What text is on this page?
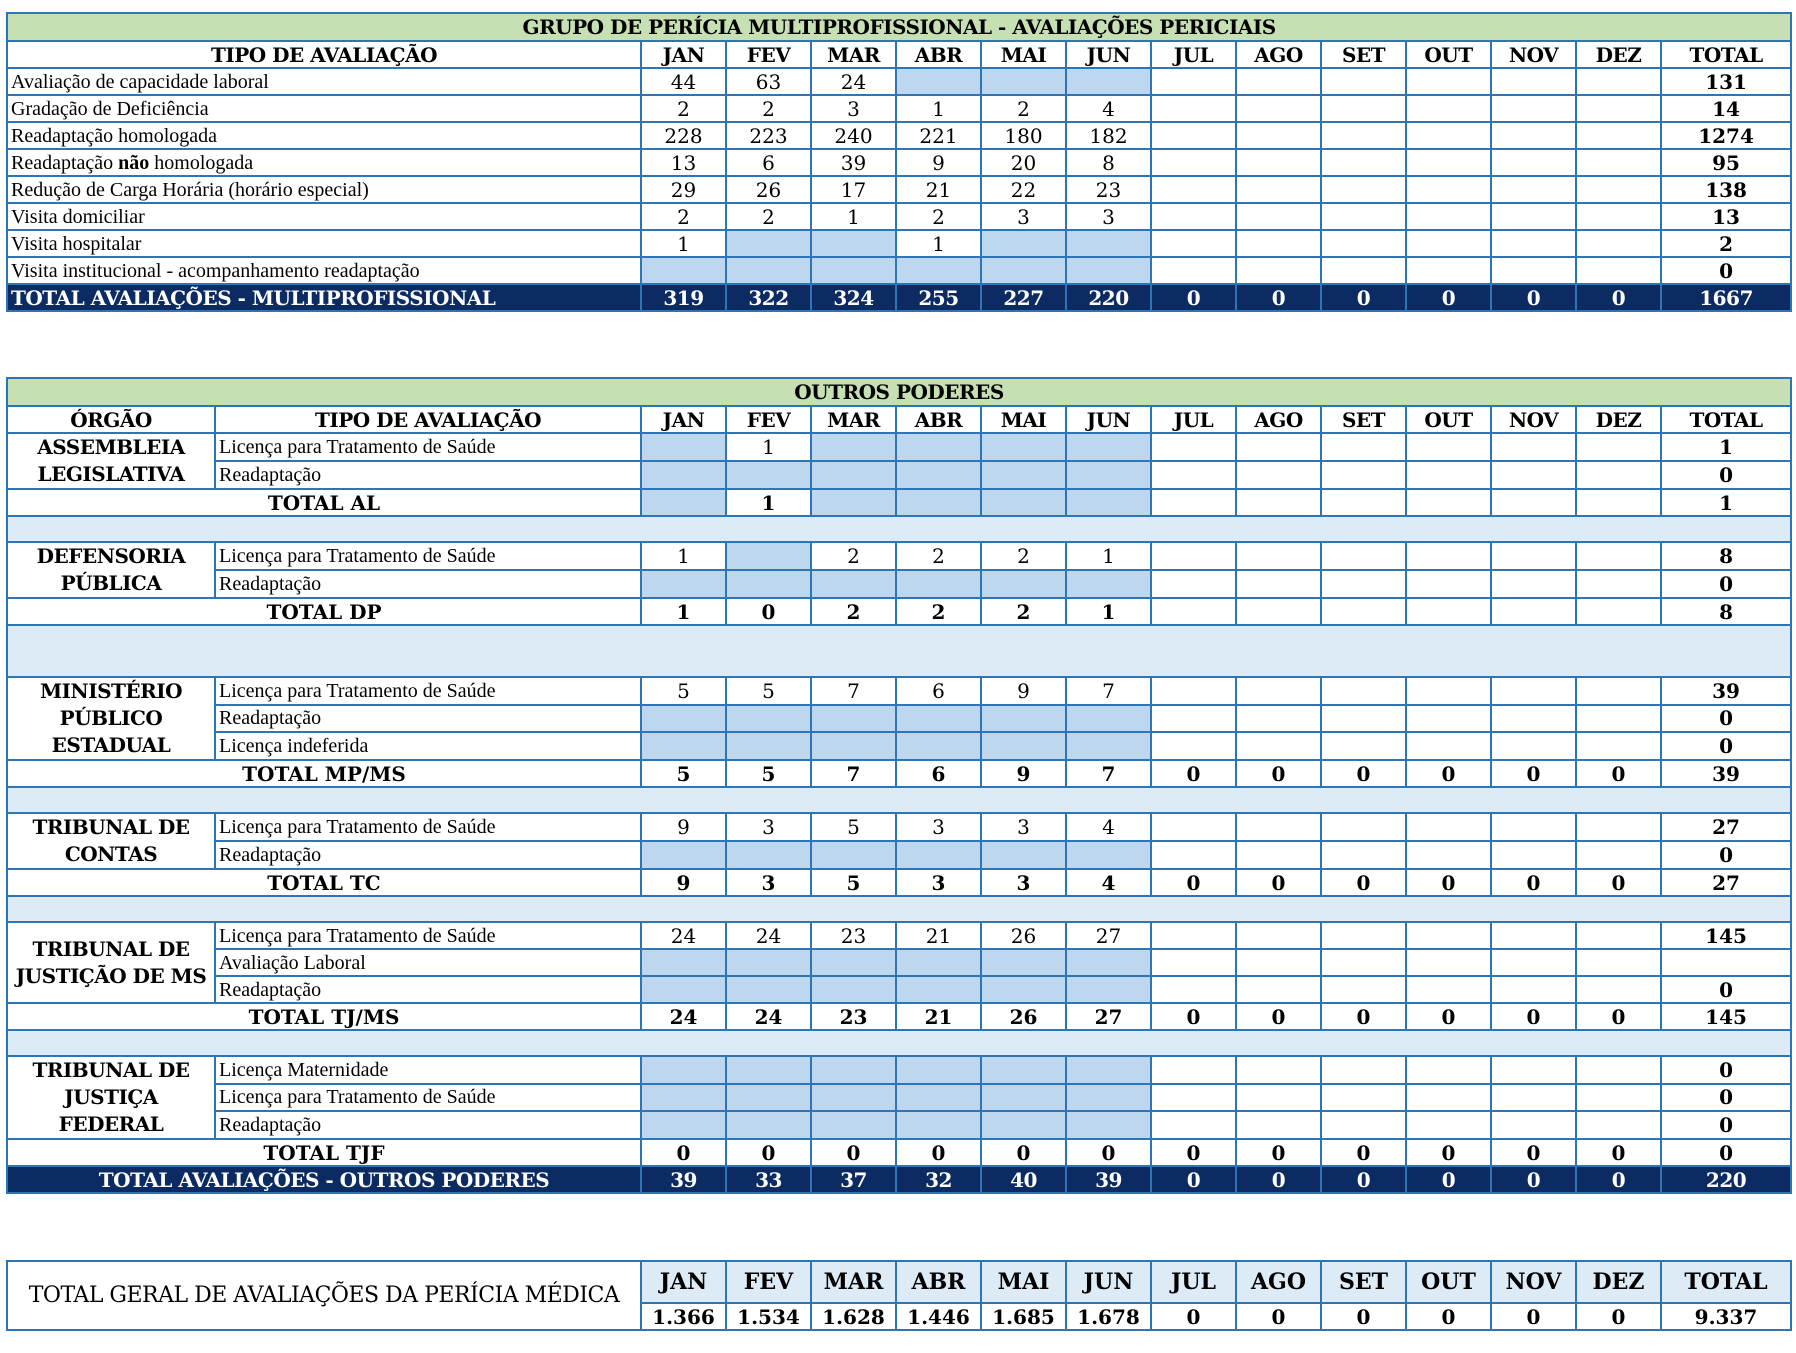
GRUPO DE PERÍCIA MULTIPROFISSIONAL - AVALIAÇÕES PERICIAIS													
TIPO DE AVALIAÇÃO	JAN	FEV	MAR	ABR	MAI	JUN	JUL	AGO	SET	OUT	NOV	DEZ	TOTAL
Avaliação de capacidade laboral	44	63	24										131
Gradação de Deficiência	2	2	3	1	2	4							14
Readaptação homologada	228	223	240	221	180	182							1274
Readaptação não homologada	13	6	39	9	20	8							95
Redução de Carga Horária (horário especial)	29	26	17	21	22	23							138
Visita domiciliar	2	2	1	2	3	3							13
Visita hospitalar	1			1									2
Visita institucional - acompanhamento readaptação													0
TOTAL AVALIAÇÕES - MULTIPROFISSIONAL	319	322	324	255	227	220	0	0	0	0	0	0	1667
OUTROS PODERES														
ÓRGÃO	TIPO DE AVALIAÇÃO	JAN	FEV	MAR	ABR	MAI	JUN	JUL	AGO	SET	OUT	NOV	DEZ	TOTAL
ASSEMBLEIA LEGISLATIVA	Licença para Tratamento de Saúde		1											1
	Readaptação													0
TOTAL AL			1											1

DEFENSORIA PÚBLICA	Licença para Tratamento de Saúde	1		2	2	2	1							8
	Readaptação													0
TOTAL DP		1	0	2	2	2	1							8

MINISTÉRIO PÚBLICO ESTADUAL	Licença para Tratamento de Saúde	5	5	7	6	9	7							39
	Readaptação													0
	Licença indeferida													0
TOTAL MP/MS		5	5	7	6	9	7	0	0	0	0	0	0	39

TRIBUNAL DE CONTAS	Licença para Tratamento de Saúde	9	3	5	3	3	4							27
	Readaptação													0
TOTAL TC		9	3	5	3	3	4	0	0	0	0	0	0	27

TRIBUNAL DE JUSTIÇÃO DE MS	Licença para Tratamento de Saúde	24	24	23	21	26	27							145
	Avaliação Laboral													
	Readaptação													0
TOTAL TJ/MS		24	24	23	21	26	27	0	0	0	0	0	0	145

TRIBUNAL DE JUSTIÇA FEDERAL	Licença Maternidade													0
	Licença para Tratamento de Saúde													0
	Readaptação													0
TOTAL TJF		0	0	0	0	0	0	0	0	0	0	0	0	0
TOTAL AVALIAÇÕES - OUTROS PODERES		39	33	37	32	40	39	0	0	0	0	0	0	220
TOTAL GERAL DE AVALIAÇÕES DA PERÍCIA MÉDICA	JAN	FEV	MAR	ABR	MAI	JUN	JUL	AGO	SET	OUT	NOV	DEZ	TOTAL
	1.366	1.534	1.628	1.446	1.685	1.678	0	0	0	0	0	0	9.337
